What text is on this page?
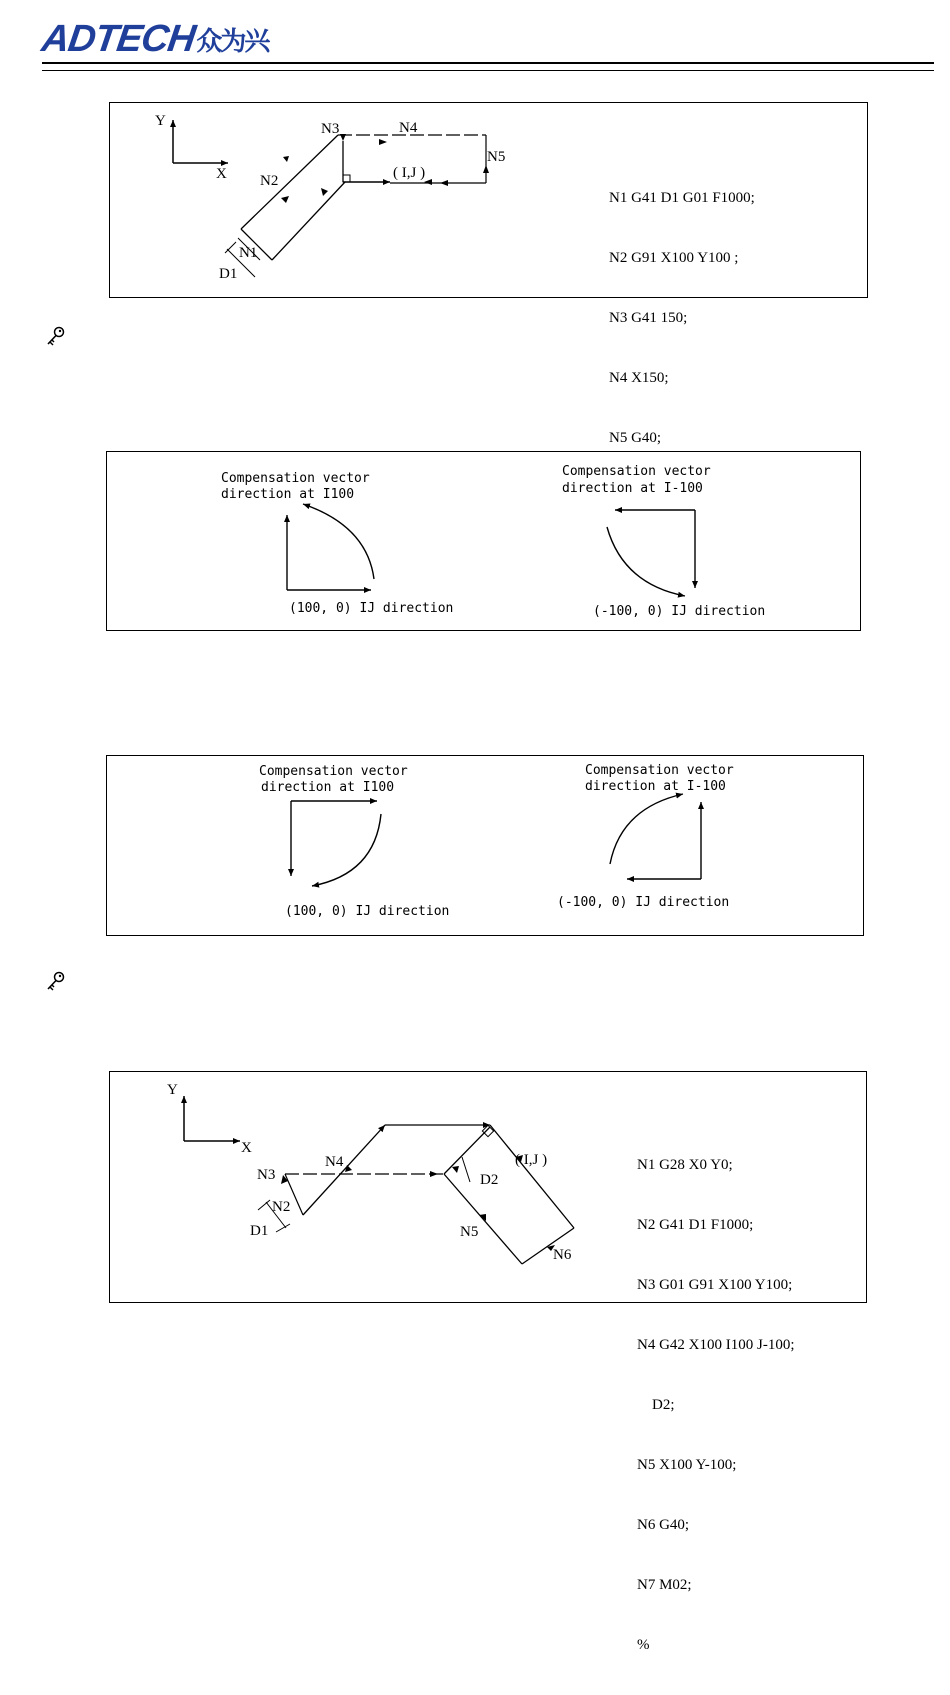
ADTECH 众为兴
Y
X
N3	N4
N5
N2
N1
D1
( I,J )

N1 G41 D1 G01 F1000;

N2 G91 X100 Y100 ;

N3 G41 150;

N4 X150;

N5 G40;

Compensation vector
direction at I100
(100, 0) IJ direction
Compensation vector
direction at I-100
(-100, 0) IJ direction
Compensation vector
direction at I100
(100, 0) IJ direction
Compensation vector
direction at I-100
(-100, 0) IJ direction
Y
X
N3
N2
N4
D2
( I,J )
N5
N6
D1

N1 G28 X0 Y0;

N2 G41 D1 F1000;

N3 G01 G91 X100 Y100;

N4 G42 X100 I100 J-100;

D2;

N5 X100 Y-100;

N6 G40;

N7 M02;

%
